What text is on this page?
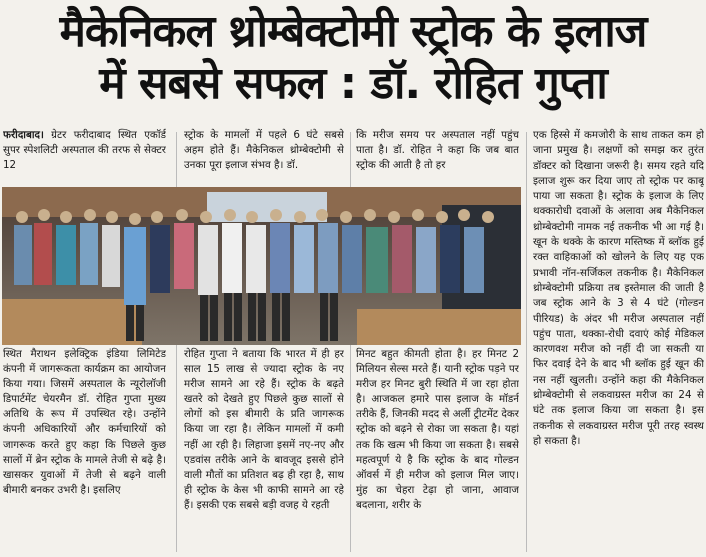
मैकेनिकल थ्रोम्बेक्टोमी स्ट्रोक के इलाज
में सबसे सफल : डॉ. रोहित गुप्ता

फरीदाबाद। ग्रेटर फरीदाबाद स्थित एकॉर्ड सुपर स्पेशलिटी अस्पताल की तरफ से सेक्टर 12

स्ट्रोक के मामलों में पहले 6 घंटे सबसे अहम होते हैं। मैकेनिकल थ्रोम्बेक्टोमी से उनका पूरा इलाज संभव है। डॉ.

कि मरीज समय पर अस्पताल नहीं पहुंच पाता है। डॉ. रोहित ने कहा कि जब बात स्ट्रोक की आती है तो हर

एक हिस्से में कमजोरी के साथ ताकत कम हो जाना प्रमुख है। लक्षणों को समझ कर तुरंत डॉक्टर को दिखाना जरूरी है। समय रहते यदि इलाज शुरू कर दिया जाए तो स्ट्रोक पर काबू पाया जा सकता है। स्ट्रोक के इलाज के लिए थक्कारोधी दवाओं के अलावा अब मैकेनिकल थ्रोम्बेक्टोमी नामक नई तकनीक भी आ गई है। खून के थक्के के कारण मस्तिष्क में ब्लॉक हुई रक्त वाहिकाओं को खोलने के लिए यह एक प्रभावी नॉन-सर्जिकल तकनीक है। मैकेनिकल थ्रोम्बेक्टोमी प्रक्रिया तब इस्तेमाल की जाती है जब स्ट्रोक आने के 3 से 4 घंटे (गोल्डन पीरियड) के अंदर भी मरीज अस्पताल नहीं पहुंच पाता, थक्का-रोधी दवाएं कोई मेडिकल कारणवश मरीज को नहीं दी जा सकती या फिर दवाई देने के बाद भी ब्लॉक हुई खून की नस नहीं खुलती। उन्होंने कहा की मैकेनिकल थ्रोम्बेक्टोमी से लकवाग्रस्त मरीज का 24 से घंटे तक इलाज किया जा सकता है। इस तकनीक से लकवाग्रस्त मरीज पूरी तरह स्वस्थ हो सकता है।

स्थित मैराथन इलेक्ट्रिक इंडिया लिमिटेड कंपनी में जागरूकता कार्यक्रम का आयोजन किया गया। जिसमें अस्पताल के न्यूरोलॉजी डिपार्टमेंट चेयरमैन डॉ. रोहित गुप्ता मुख्य अतिथि के रूप में उपस्थित रहे। उन्होंने कंपनी अधिकारियों और कर्मचारियों को जागरूक करते हुए कहा कि पिछले कुछ सालों में ब्रेन स्ट्रोक के मामले तेजी से बढ़े है। खासकर युवाओं में तेजी से बढ़ने वाली बीमारी बनकर उभरी है। इसलिए

रोहित गुप्ता ने बताया कि भारत में ही हर साल 15 लाख से ज्यादा स्ट्रोक के नए मरीज सामने आ रहे हैं। स्ट्रोक के बढ़ते खतरे को देखते हुए पिछले कुछ सालों से लोगों को इस बीमारी के प्रति जागरूक किया जा रहा है। लेकिन मामलों में कमी नहीं आ रही है। लिहाजा इसमें नए-नए और एडवांस तरीके आने के बावजूद इससे होने वाली मौतों का प्रतिशत बढ़ ही रहा है, साथ ही स्ट्रोक के केस भी काफी सामने आ रहे हैं। इसकी एक सबसे बड़ी वजह ये रहती

मिनट बहुत कीमती होता है। हर मिनट 2 मिलियन सेल्स मरते हैं। यानी स्ट्रोक पड़ने पर मरीज हर मिनट बुरी स्थिति में जा रहा होता है। आजकल हमारे पास इलाज के मॉडर्न तरीके हैं, जिनकी मदद से अर्ली ट्रीटमेंट देकर स्ट्रोक को बढ़ने से रोका जा सकता है। यहां तक कि खत्म भी किया जा सकता है। सबसे महत्वपूर्ण ये है कि स्ट्रोक के बाद गोल्डन ऑवर्स में ही मरीज को इलाज मिल जाए। मुंह का चेहरा टेढ़ा हो जाना, आवाज बदलाना, शरीर के
